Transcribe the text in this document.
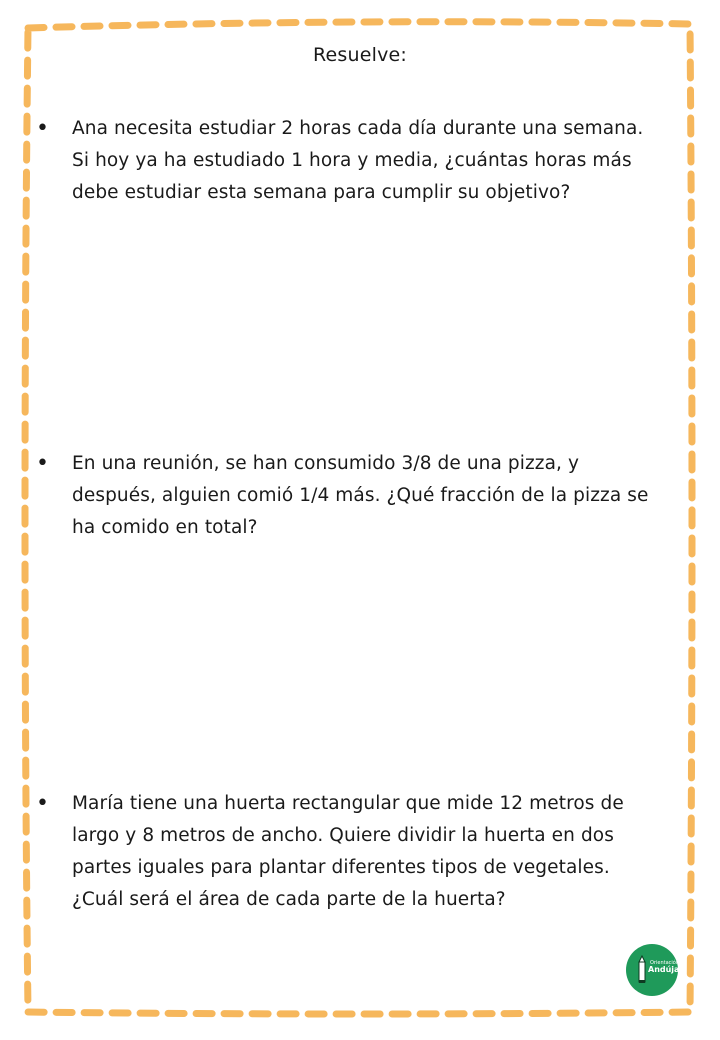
Resuelve:
•	Ana necesita estudiar 2 horas cada día durante una semana. Si hoy ya ha estudiado 1 hora y media, ¿cuántas horas más debe estudiar esta semana para cumplir su objetivo?
•	En una reunión, se han consumido 3/8 de una pizza, y después, alguien comió 1/4 más. ¿Qué fracción de la pizza se ha comido en total?
•	María tiene una huerta rectangular que mide 12 metros de largo y 8 metros de ancho. Quiere dividir la huerta en dos partes iguales para plantar diferentes tipos de vegetales. ¿Cuál será el área de cada parte de la huerta?
Orientación
Andújar
